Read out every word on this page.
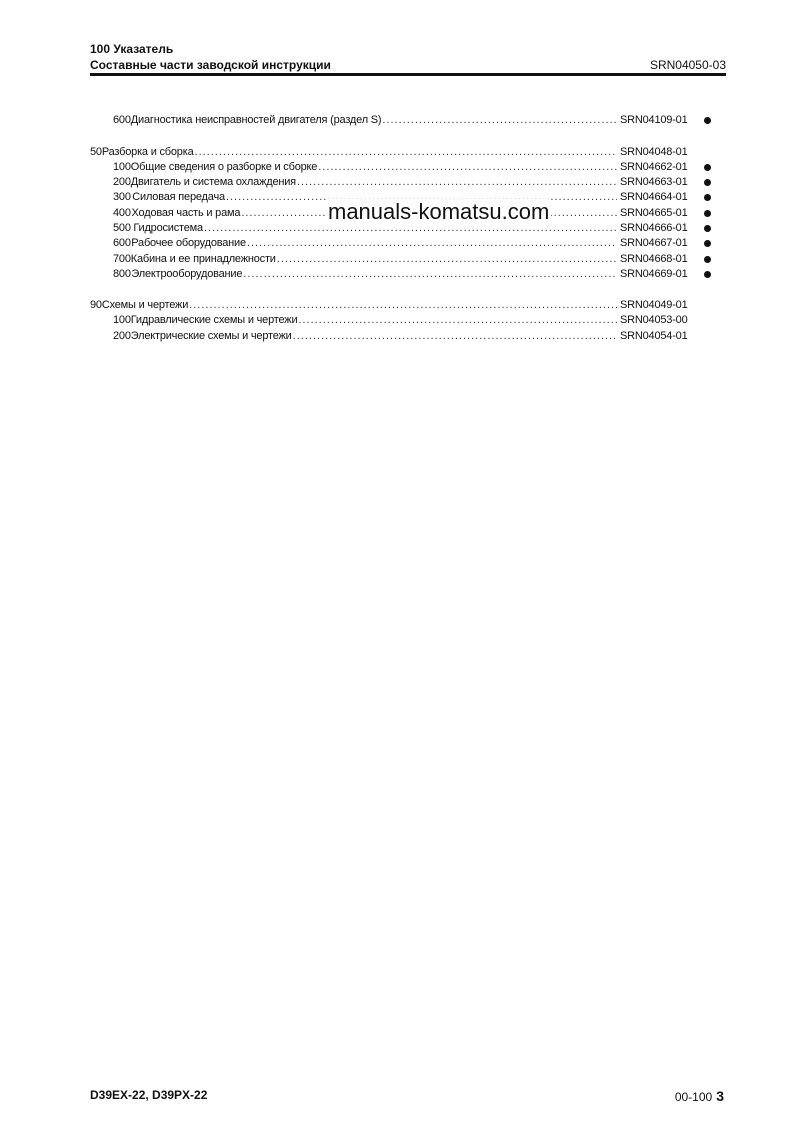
100 Указатель
Составные части заводской инструкции	SRN04050-03
600 Диагностика неисправностей двигателя (раздел S) .....	SRN04109-01
50 Разборка и сборка .....	SRN04048-01
100 Общие сведения о разборке и сборке .....	SRN04662-01
200 Двигатель и система охлаждения .....	SRN04663-01
300 Силовая передача .....	SRN04664-01
400 Ходовая часть и рама .....	SRN04665-01
500 Гидросистема .....	SRN04666-01
600 Рабочее оборудование .....	SRN04667-01
700 Кабина и ее принадлежности .....	SRN04668-01
800 Электрооборудование .....	SRN04669-01
90 Схемы и чертежи .....	SRN04049-01
100 Гидравлические схемы и чертежи .....	SRN04053-00
200 Электрические схемы и чертежи .....	SRN04054-01
manuals-komatsu.com
D39EX-22, D39PX-22	00-100 3
